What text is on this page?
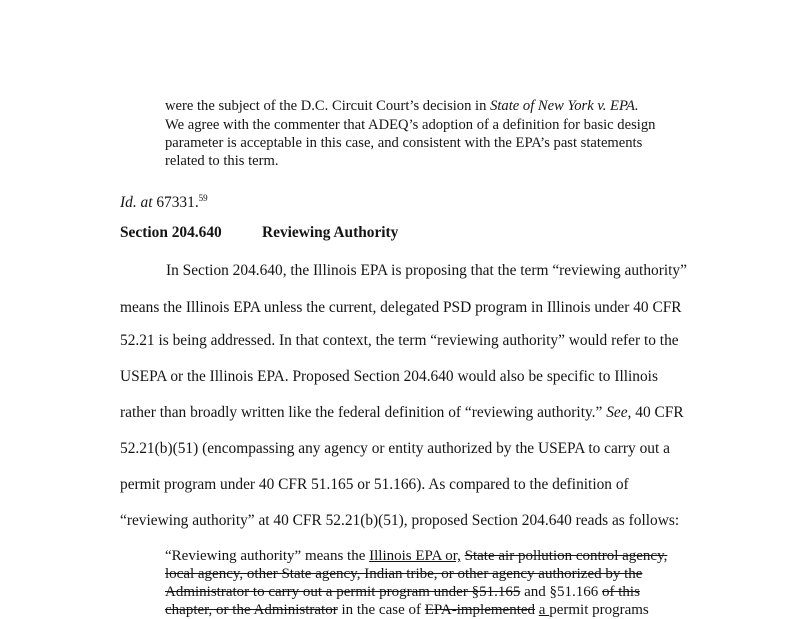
were the subject of the D.C. Circuit Court’s decision in State of New York v. EPA.
We agree with the commenter that ADEQ’s adoption of a definition for basic design
parameter is acceptable in this case, and consistent with the EPA’s past statements
related to this term.
Id. at 67331.59
Section 204.640	Reviewing Authority
In Section 204.640, the Illinois EPA is proposing that the term “reviewing authority”
means the Illinois EPA unless the current, delegated PSD program in Illinois under 40 CFR
52.21 is being addressed. In that context, the term “reviewing authority” would refer to the
USEPA or the Illinois EPA. Proposed Section 204.640 would also be specific to Illinois
rather than broadly written like the federal definition of “reviewing authority.” See, 40 CFR
52.21(b)(51) (encompassing any agency or entity authorized by the USEPA to carry out a
permit program under 40 CFR 51.165 or 51.166). As compared to the definition of
“reviewing authority” at 40 CFR 52.21(b)(51), proposed Section 204.640 reads as follows:
“Reviewing authority” means the Illinois EPA or, State air pollution control agency,
local agency, other State agency, Indian tribe, or other agency authorized by the
Administrator to carry out a permit program under §51.165 and §51.166 of this
chapter, or the Administrator in the case of EPA-implemented a permit programs
